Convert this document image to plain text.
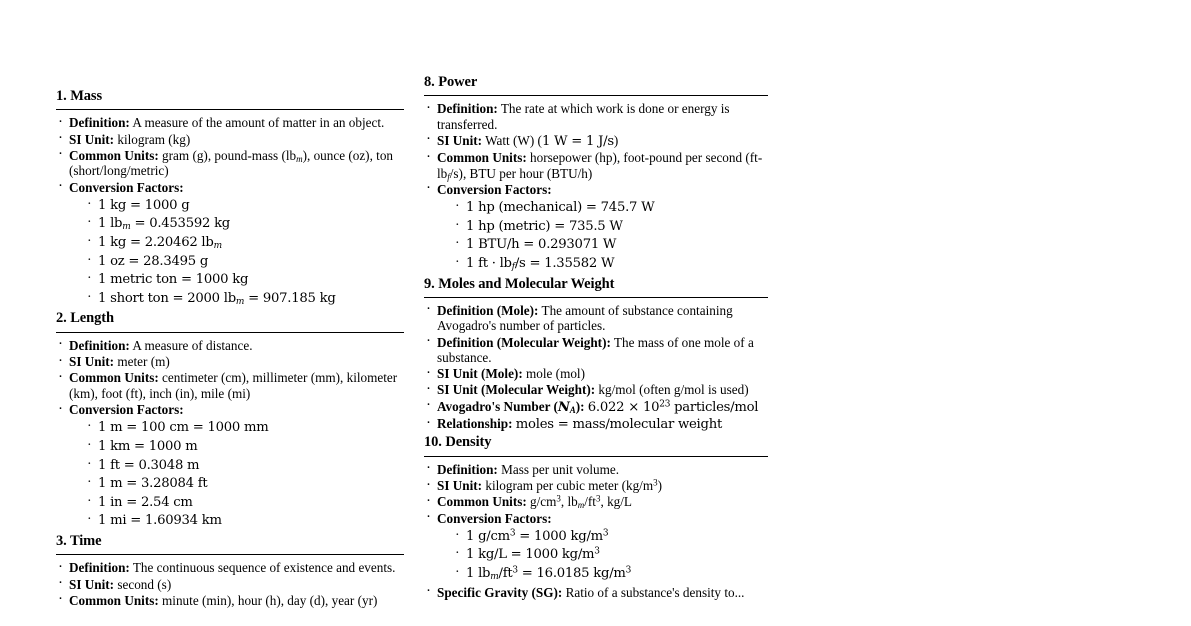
1. Mass
· Definition: A measure of the amount of matter in an object.
· SI Unit: kilogram (kg)
· Common Units: gram (g), pound-mass $(lb_m)$, ounce (oz), ton (short/long/metric)
· Conversion Factors:
· 1 kg = 1000 g
· 1 $lb_m = 0.453592$ kg
· 1 kg = 2.20462 $lb_m$
· 1 oz = 28.3495 g
· 1 metric ton = 1000 kg
· 1 short ton = 2000 $lb_m = 907.185$ kg
2. Length
· Definition: A measure of distance.
· SI Unit: meter (m)
· Common Units: centimeter (cm), millimeter (mm), kilometer (km), foot (ft), inch (in), mile (mi)
· Conversion Factors:
· 1 m = 100 cm = 1000 mm
· 1 km = 1000 m
· 1 ft = 0.3048 m
· 1 m = 3.28084 ft
· 1 in = 2.54 cm
· 1 mi = 1.60934 km
3. Time
· Definition: The continuous sequence of existence and events.
· SI Unit: second (s)
· Common Units: minute (min), hour (h), day (d), year (yr)
8. Power
· Definition: The rate at which work is done or energy is transferred.
· SI Unit: Watt (W) (1 W = 1 J/s)
· Common Units: horsepower (hp), foot-pound per second $(ft-lb_f/s)$, BTU per hour (BTU/h)
· Conversion Factors:
· 1 hp (mechanical) = 745.7 W
· 1 hp (metric) = 735.5 W
· 1 BTU/h = 0.293071 W
· 1 ft · $lb_f/s = 1.35582$ W
9. Moles and Molecular Weight
· Definition (Mole): The amount of substance containing Avogadro's number of particles.
· Definition (Molecular Weight): The mass of one mole of a substance.
· SI Unit (Mole): mole (mol)
· SI Unit (Molecular Weight): kg/mol (often g/mol is used)
· Avogadro's Number $(N_A)$: $6.022 \times 10^{23}$ particles/mol
· Relationship: moles = mass/molecular weight
10. Density
· Definition: Mass per unit volume.
· SI Unit: kilogram per cubic meter $(kg/m^3)$
· Common Units: $g/cm^3$, $lb_m/ft^3$, kg/L
· Conversion Factors:
· 1 $g/cm^3 = 1000$ $kg/m^3$
· 1 kg/L = 1000 $kg/m^3$
· 1 $lb_m/ft^3 = 16.0185$ $kg/m^3$
· Specific Gravity (SG): Ratio of a substance's density to...
